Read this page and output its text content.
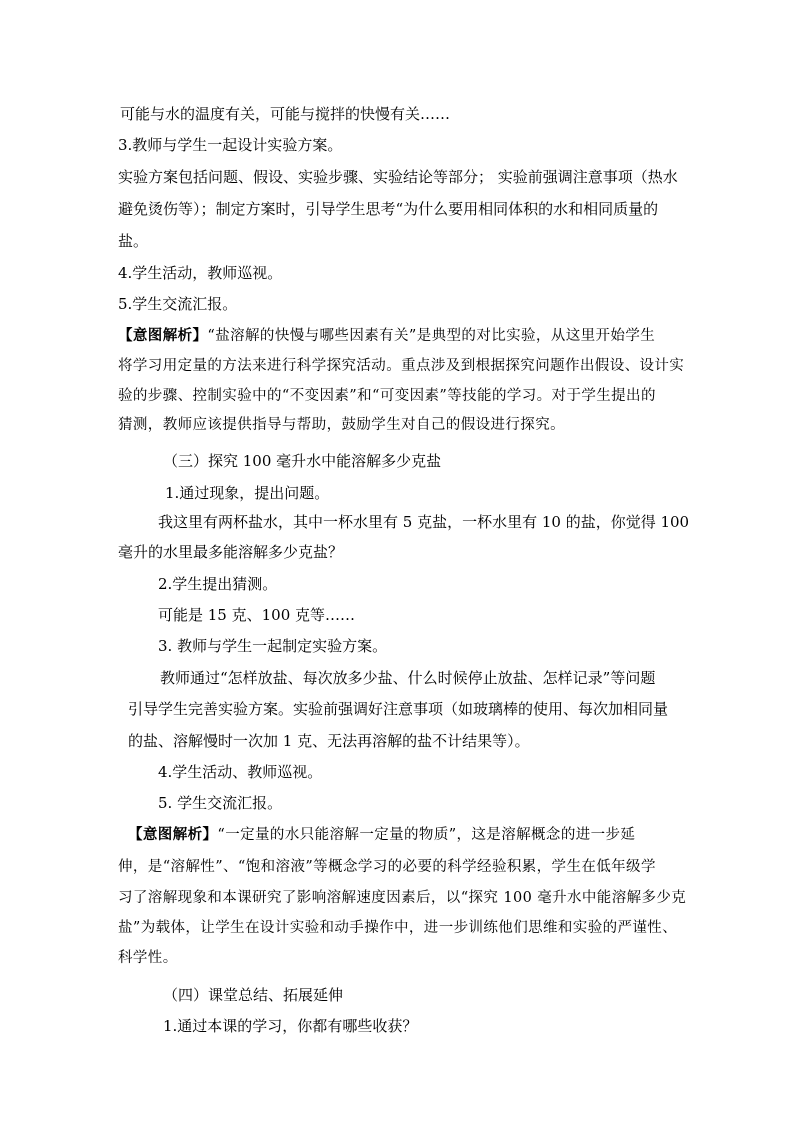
可能与水的温度有关，可能与搅拌的快慢有关……
3.教师与学生一起设计实验方案。
实验方案包括问题、假设、实验步骤、实验结论等部分； 实验前强调注意事项（热水
避免烫伤等）；制定方案时，引导学生思考“为什么要用相同体积的水和相同质量的
盐。
4.学生活动，教师巡视。
5.学生交流汇报。
【意图解析】“盐溶解的快慢与哪些因素有关”是典型的对比实验，从这里开始学生
将学习用定量的方法来进行科学探究活动。重点涉及到根据探究问题作出假设、设计实
验的步骤、控制实验中的“不变因素”和“可变因素”等技能的学习。对于学生提出的
猜测，教师应该提供指导与帮助，鼓励学生对自己的假设进行探究。
（三）探究 100 毫升水中能溶解多少克盐
1.通过现象，提出问题。
我这里有两杯盐水，其中一杯水里有 5 克盐，一杯水里有 10 的盐，你觉得 100
毫升的水里最多能溶解多少克盐？
2.学生提出猜测。
可能是 15 克、100 克等……
3. 教师与学生一起制定实验方案。
教师通过“怎样放盐、每次放多少盐、什么时候停止放盐、怎样记录”等问题
引导学生完善实验方案。实验前强调好注意事项（如玻璃棒的使用、每次加相同量
的盐、溶解慢时一次加 1 克、无法再溶解的盐不计结果等）。
4.学生活动、教师巡视。
5. 学生交流汇报。
【意图解析】“一定量的水只能溶解一定量的物质”，这是溶解概念的进一步延
伸，是“溶解性”、“饱和溶液”等概念学习的必要的科学经验积累，学生在低年级学
习了溶解现象和本课研究了影响溶解速度因素后，以“探究 100 毫升水中能溶解多少克
盐”为载体，让学生在设计实验和动手操作中，进一步训练他们思维和实验的严谨性、
科学性。
（四）课堂总结、拓展延伸
1.通过本课的学习，你都有哪些收获？
